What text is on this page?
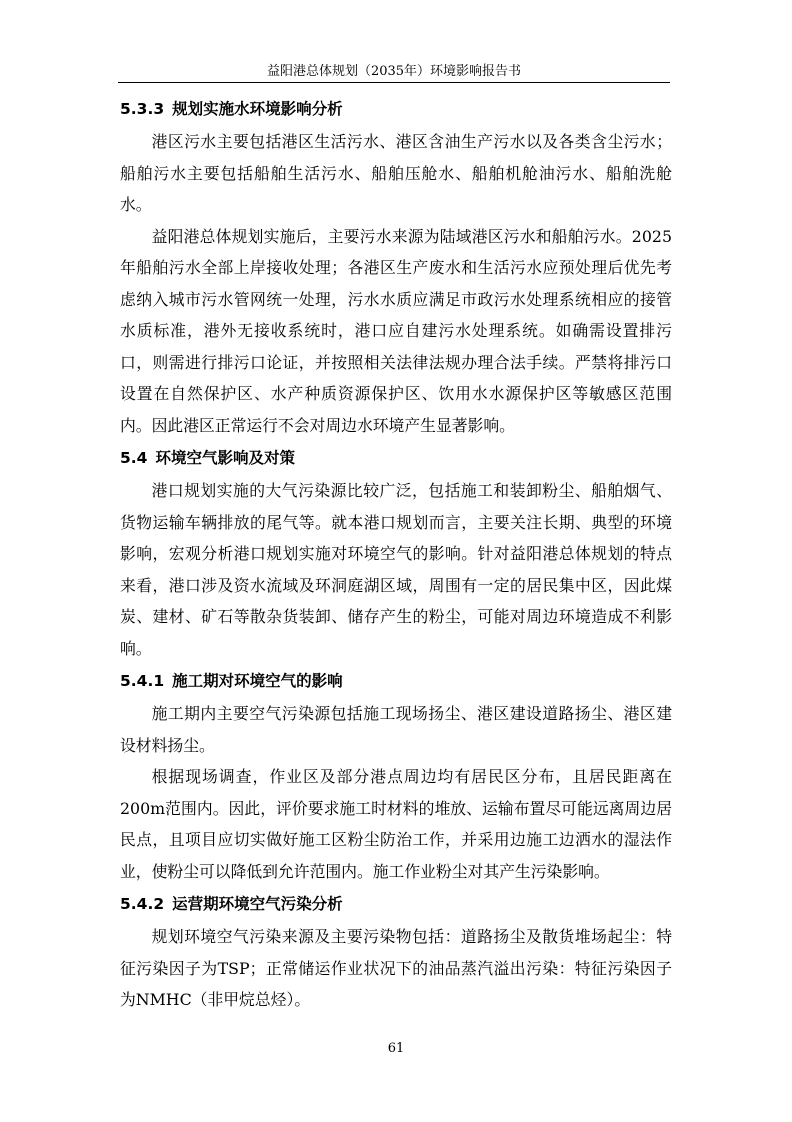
益阳港总体规划（2035年）环境影响报告书
5.3.3 规划实施水环境影响分析

港区污水主要包括港区生活污水、港区含油生产污水以及各类含尘污水；船舶污水主要包括船舶生活污水、船舶压舱水、船舶机舱油污水、船舶洗舱水。

益阳港总体规划实施后，主要污水来源为陆域港区污水和船舶污水。2025年船舶污水全部上岸接收处理；各港区生产废水和生活污水应预处理后优先考虑纳入城市污水管网统一处理，污水水质应满足市政污水处理系统相应的接管水质标准，港外无接收系统时，港口应自建污水处理系统。如确需设置排污口，则需进行排污口论证，并按照相关法律法规办理合法手续。严禁将排污口设置在自然保护区、水产种质资源保护区、饮用水水源保护区等敏感区范围内。因此港区正常运行不会对周边水环境产生显著影响。

5.4 环境空气影响及对策

港口规划实施的大气污染源比较广泛，包括施工和装卸粉尘、船舶烟气、货物运输车辆排放的尾气等。就本港口规划而言，主要关注长期、典型的环境影响，宏观分析港口规划实施对环境空气的影响。针对益阳港总体规划的特点来看，港口涉及资水流域及环洞庭湖区域，周围有一定的居民集中区，因此煤炭、建材、矿石等散杂货装卸、储存产生的粉尘，可能对周边环境造成不利影响。

5.4.1 施工期对环境空气的影响

施工期内主要空气污染源包括施工现场扬尘、港区建设道路扬尘、港区建设材料扬尘。

根据现场调查，作业区及部分港点周边均有居民区分布，且居民距离在200m范围内。因此，评价要求施工时材料的堆放、运输布置尽可能远离周边居民点，且项目应切实做好施工区粉尘防治工作，并采用边施工边洒水的湿法作业，使粉尘可以降低到允许范围内。施工作业粉尘对其产生污染影响。

5.4.2 运营期环境空气污染分析

规划环境空气污染来源及主要污染物包括：道路扬尘及散货堆场起尘：特征污染因子为TSP；正常储运作业状况下的油品蒸汽溢出污染：特征污染因子为NMHC（非甲烷总烃）。

61
